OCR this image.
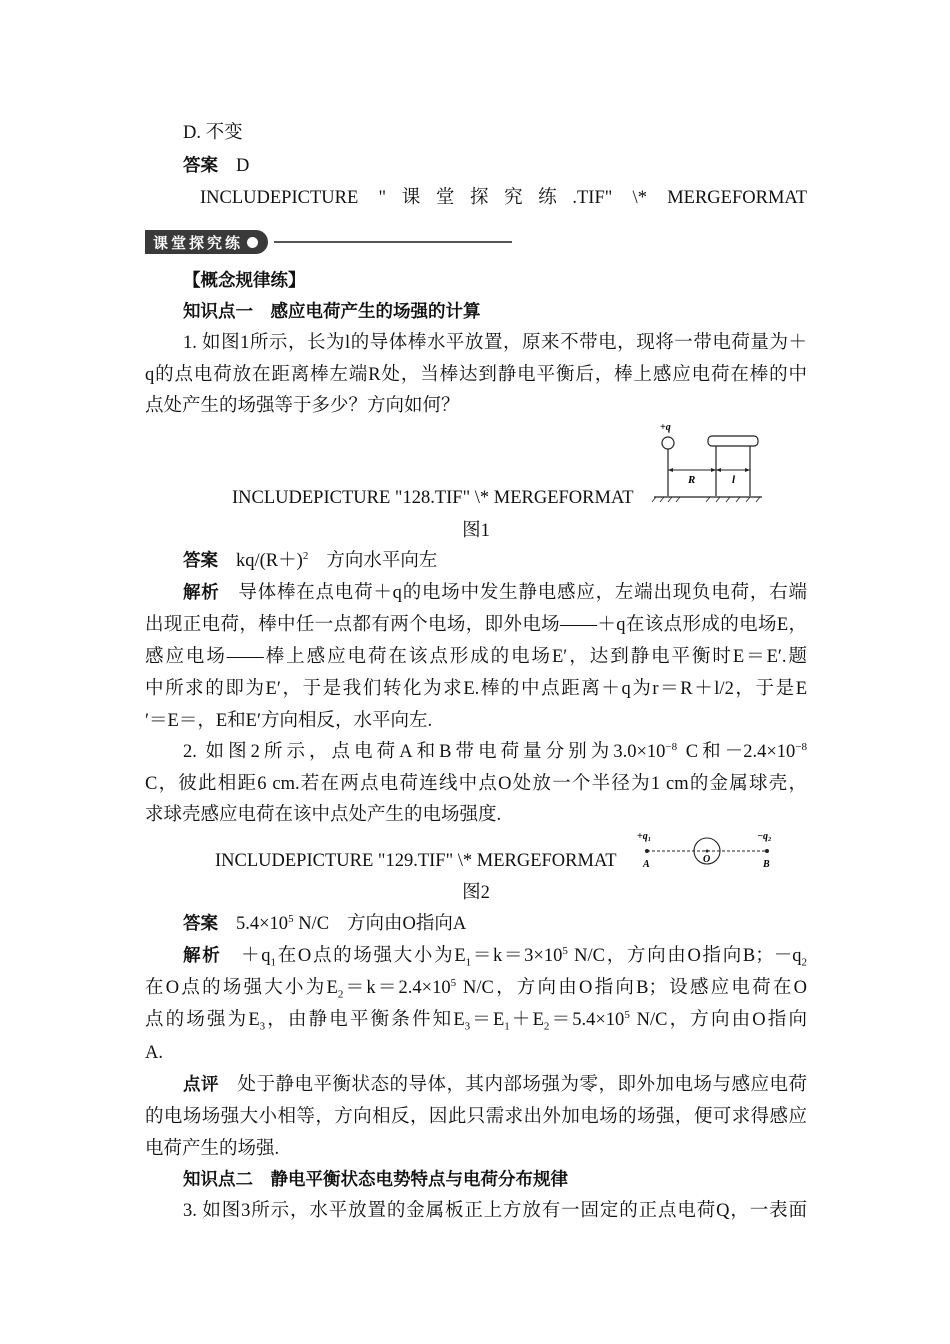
D. 不变
答案 D
INCLUDEPICTURE "课堂探究练.TIF" \* MERGEFORMAT
课堂探究练
【概念规律练】
知识点一　感应电荷产生的场强的计算
1. 如图1所示，长为l的导体棒水平放置，原来不带电，现将一带电荷量为＋
q的点电荷放在距离棒左端R处，当棒达到静电平衡后，棒上感应电荷在棒的中
点处产生的场强等于多少？方向如何？
INCLUDEPICTURE "128.TIF" \* MERGEFORMAT
+q
R	l
图1
答案 $kq/(R+)^2$ 方向水平向左
解析 导体棒在点电荷＋q的电场中发生静电感应，左端出现负电荷，右端
出现正电荷，棒中任一点都有两个电场，即外电场——＋q在该点形成的电场E，
感应电场——棒上感应电荷在该点形成的电场E′，达到静电平衡时E＝E′.题
中所求的即为E′，于是我们转化为求E.棒的中点距离＋q为r＝R＋l/2，于是E
′＝E＝，E和E′方向相反，水平向左.
2. 如图2所示，点电荷A和B带电荷量分别为$3.0\times 10^{-8}$ C和$-2.4\times 10^{-8}$
C，彼此相距6 cm.若在两点电荷连线中点O处放一个半径为1 cm的金属球壳，
求球壳感应电荷在该中点处产生的电场强度.
INCLUDEPICTURE "129.TIF" \* MERGEFORMAT
+q₁	−q₂
A	O	B
图2
答案 $5.4\times 10^5$ N/C 方向由O指向A
解析 $+q_1$在O点的场强大小为$E_1=k=3\times 10^5$ N/C，方向由O指向B；$-q_2$
在O点的场强大小为$E_2=k=2.4\times 10^5$ N/C，方向由O指向B；设感应电荷在O
点的场强为$E_3$，由静电平衡条件知$E_3=E_1+E_2=5.4\times 10^5$ N/C，方向由O指向
A.
点评 处于静电平衡状态的导体，其内部场强为零，即外加电场与感应电荷
的电场场强大小相等，方向相反，因此只需求出外加电场的场强，便可求得感应
电荷产生的场强.
知识点二　静电平衡状态电势特点与电荷分布规律
3. 如图3所示，水平放置的金属板正上方放有一固定的正点电荷Q，一表面
